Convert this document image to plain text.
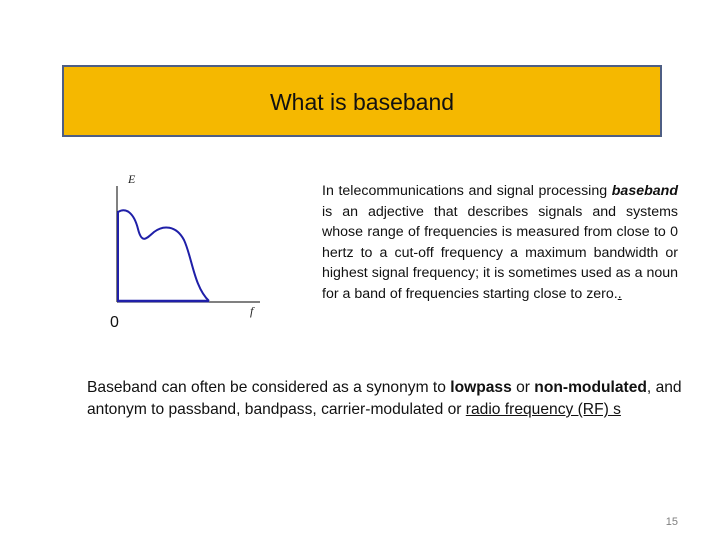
What is baseband
E
f
0
In telecommunications and signal processing baseband is an adjective that describes signals and systems whose range of frequencies is measured from close to 0 hertz to a cut-off frequency a maximum bandwidth or highest signal frequency; it is sometimes used as a noun for a band of frequencies starting close to zero..
Baseband can often be considered as a synonym to lowpass or non-modulated, and antonym to passband, bandpass, carrier-modulated or radio frequency (RF) s
15
